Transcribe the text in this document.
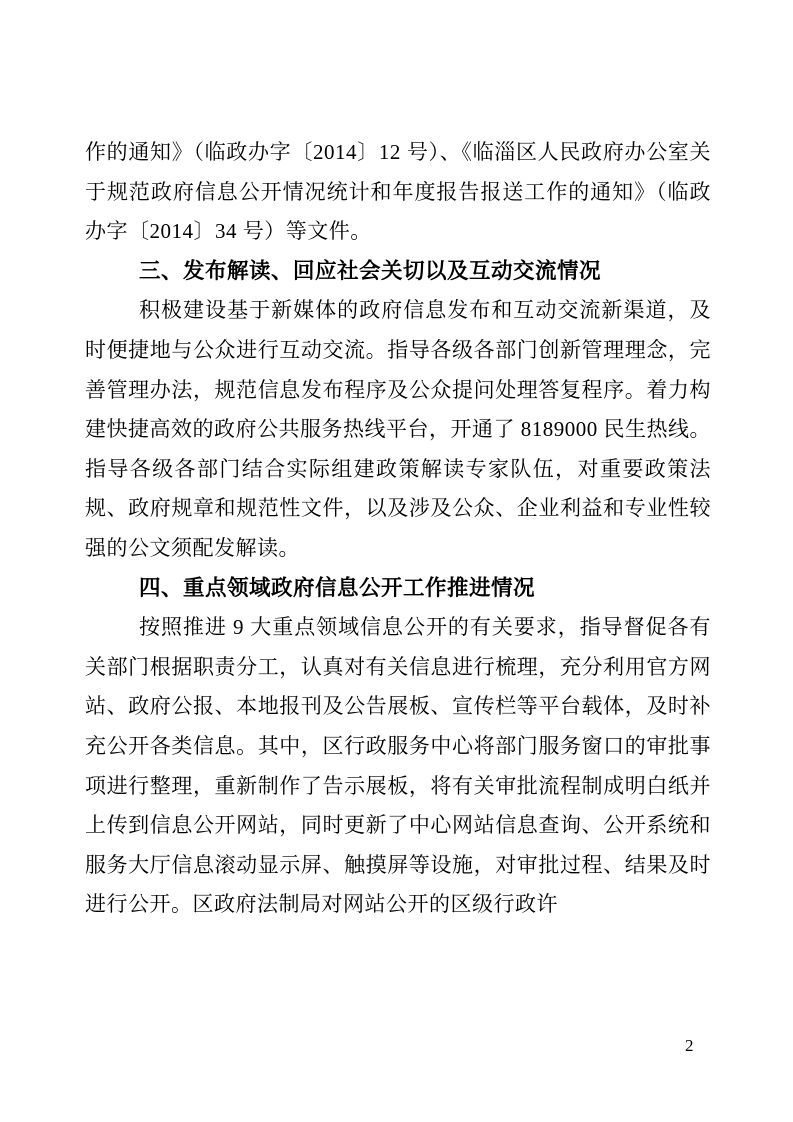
作的通知》（临政办字〔2014〕12 号）、《临淄区人民政府办公室关于规范政府信息公开情况统计和年度报告报送工作的通知》（临政办字〔2014〕34 号）等文件。

三、发布解读、回应社会关切以及互动交流情况

积极建设基于新媒体的政府信息发布和互动交流新渠道，及时便捷地与公众进行互动交流。指导各级各部门创新管理理念，完善管理办法，规范信息发布程序及公众提问处理答复程序。着力构建快捷高效的政府公共服务热线平台，开通了 8189000 民生热线。指导各级各部门结合实际组建政策解读专家队伍，对重要政策法规、政府规章和规范性文件，以及涉及公众、企业利益和专业性较强的公文须配发解读。

四、重点领域政府信息公开工作推进情况

按照推进 9 大重点领域信息公开的有关要求，指导督促各有关部门根据职责分工，认真对有关信息进行梳理，充分利用官方网站、政府公报、本地报刊及公告展板、宣传栏等平台载体，及时补充公开各类信息。其中，区行政服务中心将部门服务窗口的审批事项进行整理，重新制作了告示展板，将有关审批流程制成明白纸并上传到信息公开网站，同时更新了中心网站信息查询、公开系统和服务大厅信息滚动显示屏、触摸屏等设施，对审批过程、结果及时进行公开。区政府法制局对网站公开的区级行政许

2
